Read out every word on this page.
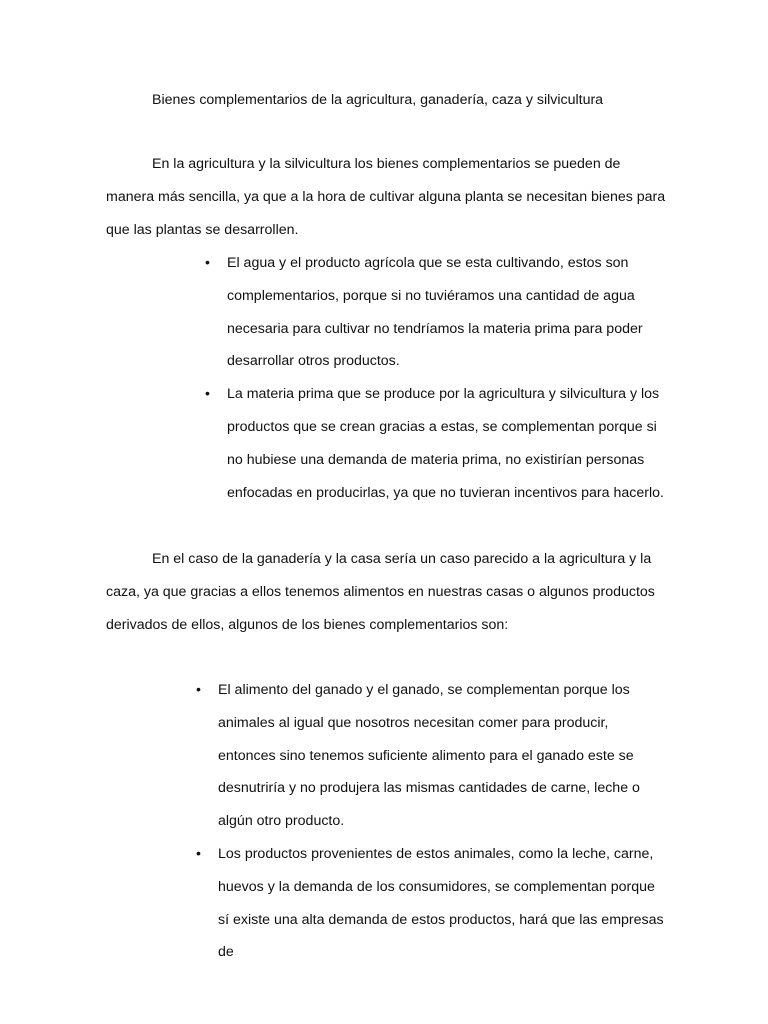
Bienes complementarios de la agricultura, ganadería, caza y silvicultura

En la agricultura y la silvicultura los bienes complementarios se pueden de manera más sencilla, ya que a la hora de cultivar alguna planta se necesitan bienes para que las plantas se desarrollen.

• El agua y el producto agrícola que se esta cultivando, estos son complementarios, porque si no tuviéramos una cantidad de agua necesaria para cultivar no tendríamos la materia prima para poder desarrollar otros productos.
• La materia prima que se produce por la agricultura y silvicultura y los productos que se crean gracias a estas, se complementan porque si no hubiese una demanda de materia prima, no existirían personas enfocadas en producirlas, ya que no tuvieran incentivos para hacerlo.

En el caso de la ganadería y la casa sería un caso parecido a la agricultura y la caza, ya que gracias a ellos tenemos alimentos en nuestras casas o algunos productos derivados de ellos, algunos de los bienes complementarios son:

• El alimento del ganado y el ganado, se complementan porque los animales al igual que nosotros necesitan comer para producir, entonces sino tenemos suficiente alimento para el ganado este se desnutriría y no produjera las mismas cantidades de carne, leche o algún otro producto.
• Los productos provenientes de estos animales, como la leche, carne, huevos y la demanda de los consumidores, se complementan porque sí existe una alta demanda de estos productos, hará que las empresas de
